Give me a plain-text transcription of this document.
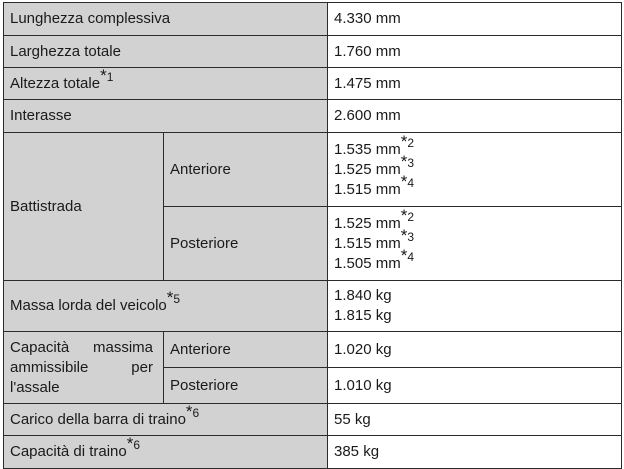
Lunghezza complessiva		4.330 mm
Larghezza totale		1.760 mm
Altezza totale$^{*1}$		1.475 mm
Interasse		2.600 mm
Battistrada	Anteriore	1.535 $mm^{*2}$
1.525 $mm^{*3}$
1.515 $mm^{*4}$

	Posteriore	1.525 $mm^{*2}$
1.515 $mm^{*3}$
1.505 $mm^{*4}$

Massa lorda del veicolo$^{*5}$		1.840 kg
1.815 kg

Capacità massima
ammissibile per
l'assale	Anteriore	1.020 kg
	Posteriore	1.010 kg
Carico della barra di traino$^{*6}$		55 kg
Capacità di traino$^{*6}$		385 kg
